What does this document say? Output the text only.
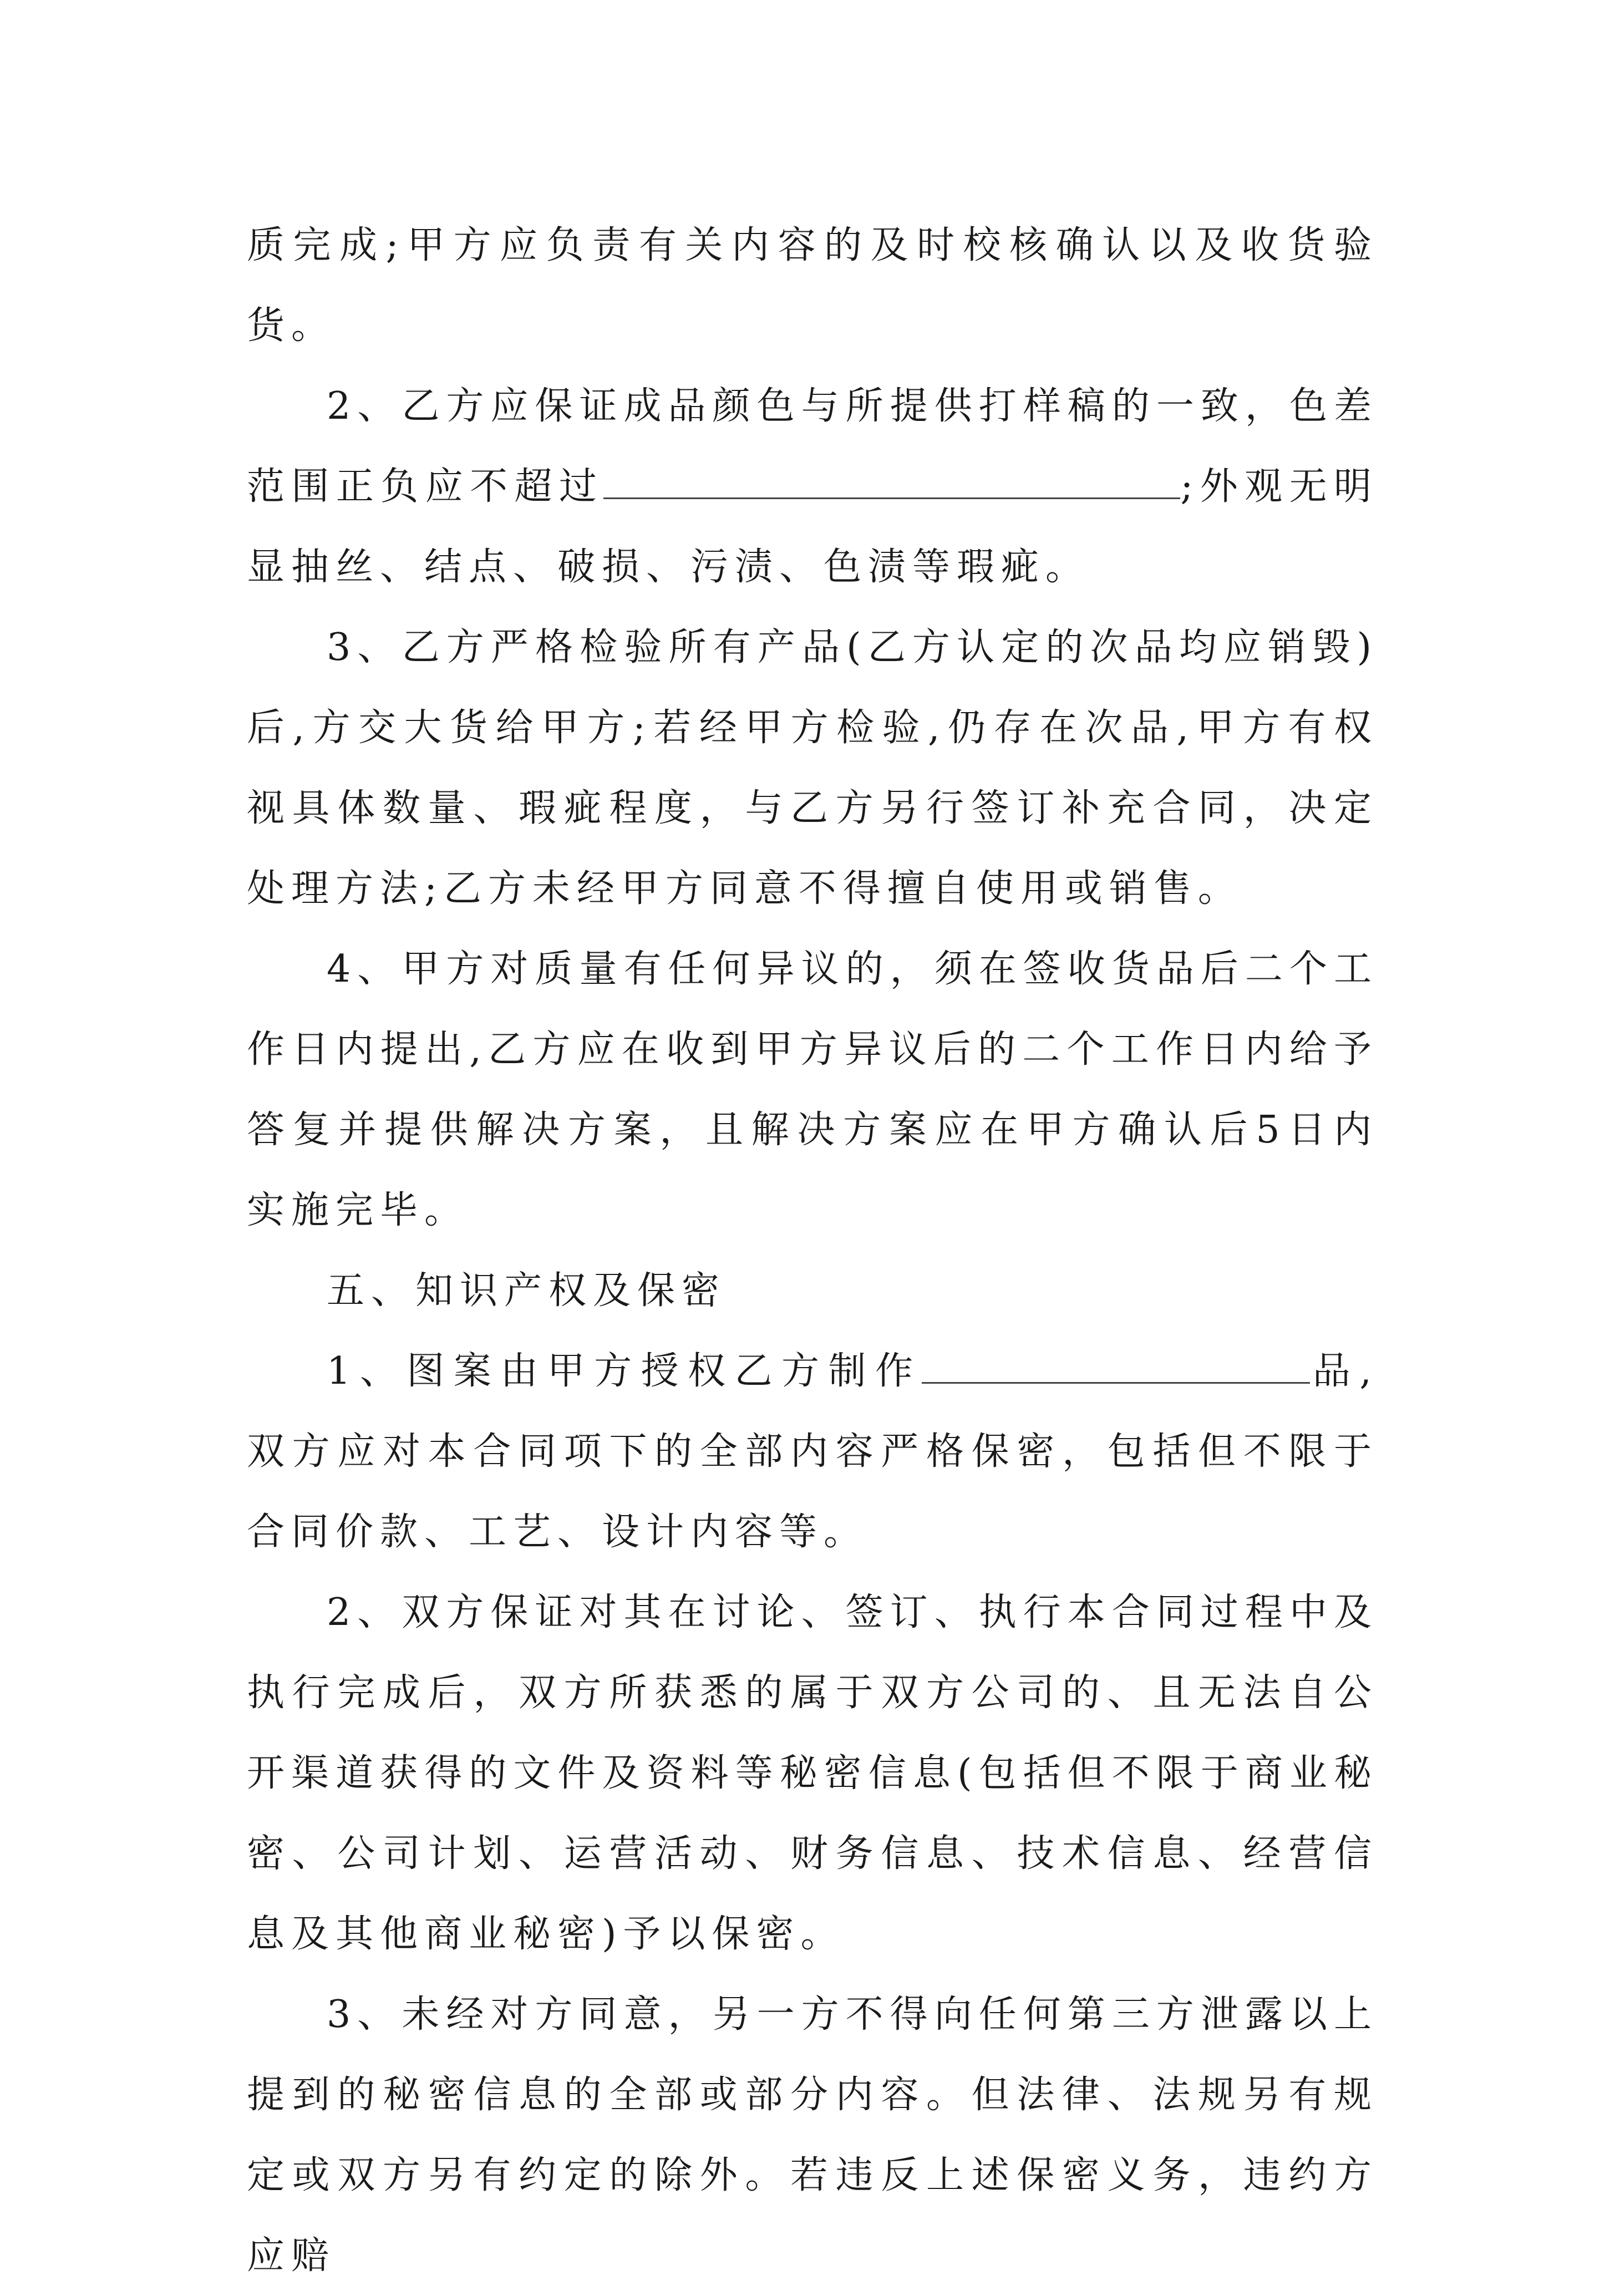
质完成;甲方应负责有关内容的及时校核确认以及收货验货。

2、乙方应保证成品颜色与所提供打样稿的一致，色差范围正负应不超过	;外观无明显抽丝、结点、破损、污渍、色渍等瑕疵。

3、乙方严格检验所有产品(乙方认定的次品均应销毁)后,方交大货给甲方;若经甲方检验,仍存在次品,甲方有权视具体数量、瑕疵程度，与乙方另行签订补充合同，决定处理方法;乙方未经甲方同意不得擅自使用或销售。

4、甲方对质量有任何异议的，须在签收货品后二个工作日内提出,乙方应在收到甲方异议后的二个工作日内给予答复并提供解决方案，且解决方案应在甲方确认后5日内实施完毕。

五、知识产权及保密

1、图案由甲方授权乙方制作	品,双方应对本合同项下的全部内容严格保密，包括但不限于合同价款、工艺、设计内容等。

2、双方保证对其在讨论、签订、执行本合同过程中及执行完成后，双方所获悉的属于双方公司的、且无法自公开渠道获得的文件及资料等秘密信息(包括但不限于商业秘密、公司计划、运营活动、财务信息、技术信息、经营信息及其他商业秘密)予以保密。

3、未经对方同意，另一方不得向任何第三方泄露以上提到的秘密信息的全部或部分内容。但法律、法规另有规定或双方另有约定的除外。若违反上述保密义务，违约方应赔
